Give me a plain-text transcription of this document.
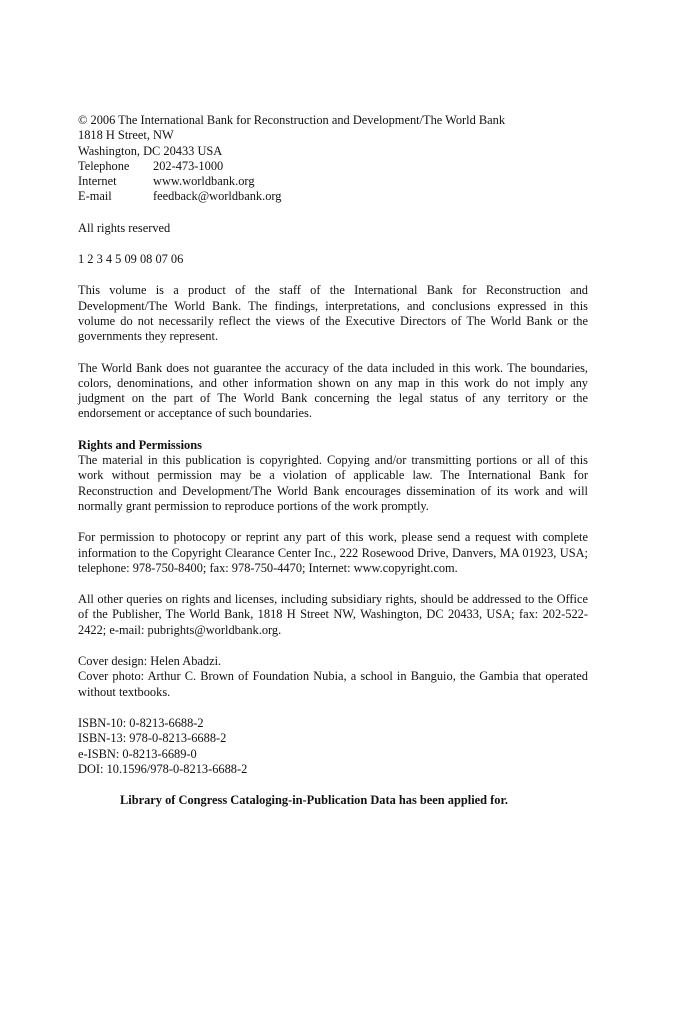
© 2006 The International Bank for Reconstruction and Development/The World Bank
1818 H Street, NW
Washington, DC 20433 USA
Telephone	202-473-1000
Internet	www.worldbank.org
E-mail	feedback@worldbank.org
All rights reserved
1 2 3 4 5 09 08 07 06

This volume is a product of the staff of the International Bank for Reconstruction and Development/The World Bank. The findings, interpretations, and conclusions expressed in this volume do not necessarily reflect the views of the Executive Directors of The World Bank or the governments they represent.

The World Bank does not guarantee the accuracy of the data included in this work. The boundaries, colors, denominations, and other information shown on any map in this work do not imply any judgment on the part of The World Bank concerning the legal status of any territory or the endorsement or acceptance of such boundaries.

Rights and Permissions

The material in this publication is copyrighted. Copying and/or transmitting portions or all of this work without permission may be a violation of applicable law. The International Bank for Reconstruction and Development/The World Bank encourages dissemination of its work and will normally grant permission to reproduce portions of the work promptly.

For permission to photocopy or reprint any part of this work, please send a request with complete information to the Copyright Clearance Center Inc., 222 Rosewood Drive, Danvers, MA 01923, USA; telephone: 978-750-8400; fax: 978-750-4470; Internet: www.copyright.com.

All other queries on rights and licenses, including subsidiary rights, should be addressed to the Office of the Publisher, The World Bank, 1818 H Street NW, Washington, DC 20433, USA; fax: 202-522-2422; e-mail: pubrights@worldbank.org.

Cover design: Helen Abadzi.

Cover photo: Arthur C. Brown of Foundation Nubia, a school in Banguio, the Gambia that operated without textbooks.

ISBN-10: 0-8213-6688-2
ISBN-13: 978-0-8213-6688-2
e-ISBN: 0-8213-6689-0
DOI: 10.1596/978-0-8213-6688-2
Library of Congress Cataloging-in-Publication Data has been applied for.
